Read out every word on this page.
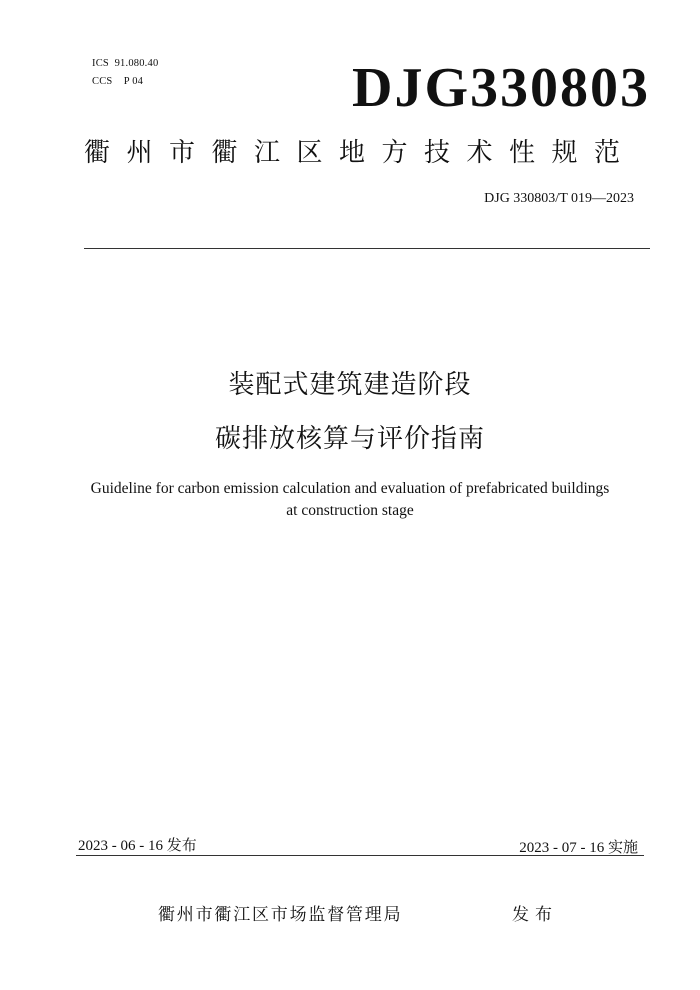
ICS  91.080.40
CCS    P 04	DJG330803
衢州市衢江区地方技术性规范
DJG 330803/T 019—2023
装配式建筑建造阶段
碳排放核算与评价指南
Guideline for carbon emission calculation and evaluation of prefabricated buildings
at construction stage
2023 - 06 - 16 发布	2023 - 07 - 16 实施
衢州市衢江区市场监督管理局	发布
